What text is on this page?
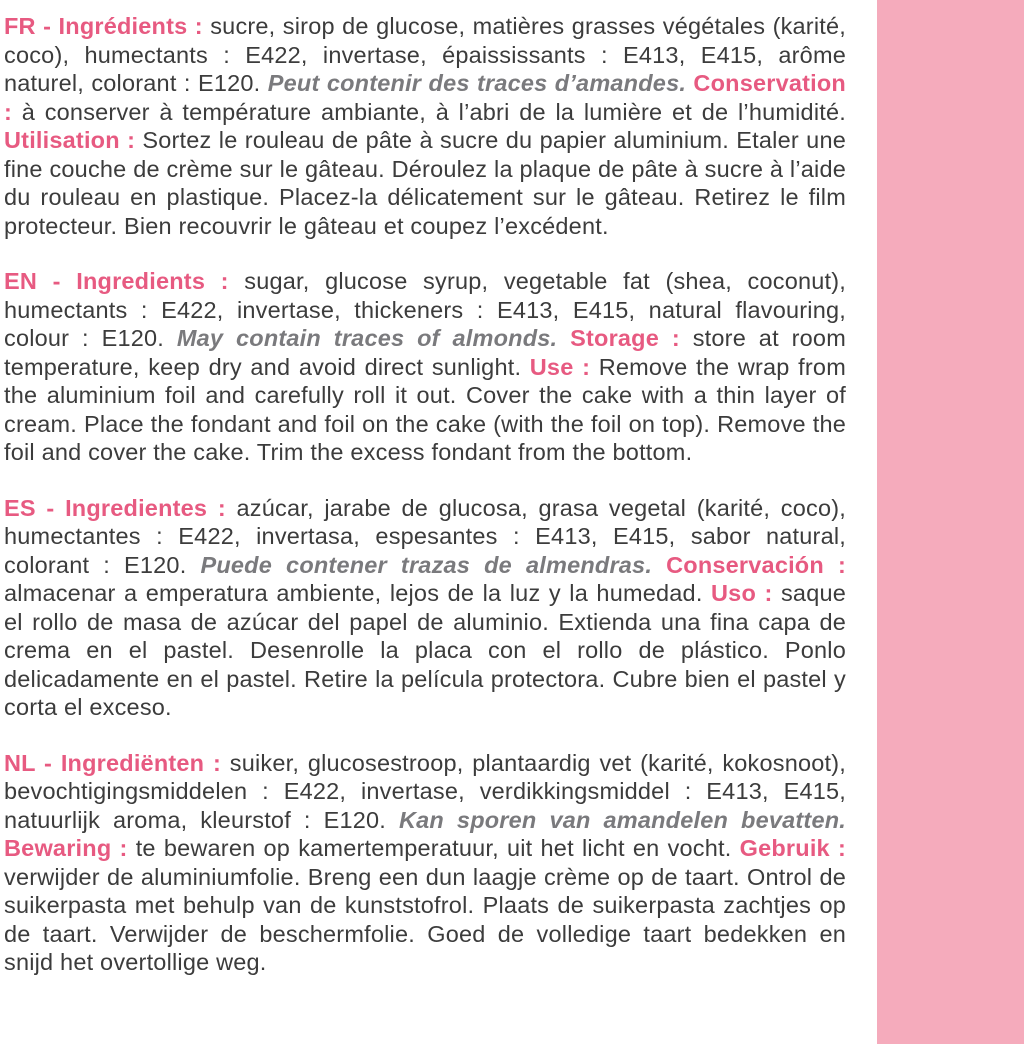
FR - Ingrédients : sucre, sirop de glucose, matières grasses végétales (karité, coco), humectants : E422, invertase, épaississants : E413, E415, arôme naturel, colorant : E120. Peut contenir des traces d’amandes. Conservation : à conserver à température ambiante, à l’abri de la lumière et de l’humidité. Utilisation : Sortez le rouleau de pâte à sucre du papier aluminium. Etaler une fine couche de crème sur le gâteau. Déroulez la plaque de pâte à sucre à l’aide du rouleau en plastique. Placez-la délicatement sur le gâteau. Retirez le film protecteur. Bien recouvrir le gâteau et coupez l’excédent.

EN - Ingredients : sugar, glucose syrup, vegetable fat (shea, coconut), humectants : E422, invertase, thickeners : E413, E415, natural flavouring, colour : E120. May contain traces of almonds. Storage : store at room temperature, keep dry and avoid direct sunlight. Use : Remove the wrap from the aluminium foil and carefully roll it out. Cover the cake with a thin layer of cream. Place the fondant and foil on the cake (with the foil on top). Remove the foil and cover the cake. Trim the excess fondant from the bottom.

ES - Ingredientes : azúcar, jarabe de glucosa, grasa vegetal (karité, coco), humectantes : E422, invertasa, espesantes : E413, E415, sabor natural, colorant : E120. Puede contener trazas de almendras. Conservación : almacenar a emperatura ambiente, lejos de la luz y la humedad. Uso : saque el rollo de masa de azúcar del papel de aluminio. Extienda una fina capa de crema en el pastel. Desenrolle la placa con el rollo de plástico. Ponlo delicadamente en el pastel. Retire la película protectora. Cubre bien el pastel y corta el exceso.

NL - Ingrediënten : suiker, glucosestroop, plantaardig vet (karité, kokosnoot), bevochtigingsmiddelen : E422, invertase, verdikkingsmiddel : E413, E415, natuurlijk aroma, kleurstof : E120. Kan sporen van amandelen bevatten. Bewaring : te bewaren op kamertemperatuur, uit het licht en vocht. Gebruik : verwijder de aluminiumfolie. Breng een dun laagje crème op de taart. Ontrol de suikerpasta met behulp van de kunststofrol. Plaats de suikerpasta zachtjes op de taart. Verwijder de beschermfolie. Goed de volledige taart bedekken en snijd het overtollige weg.
